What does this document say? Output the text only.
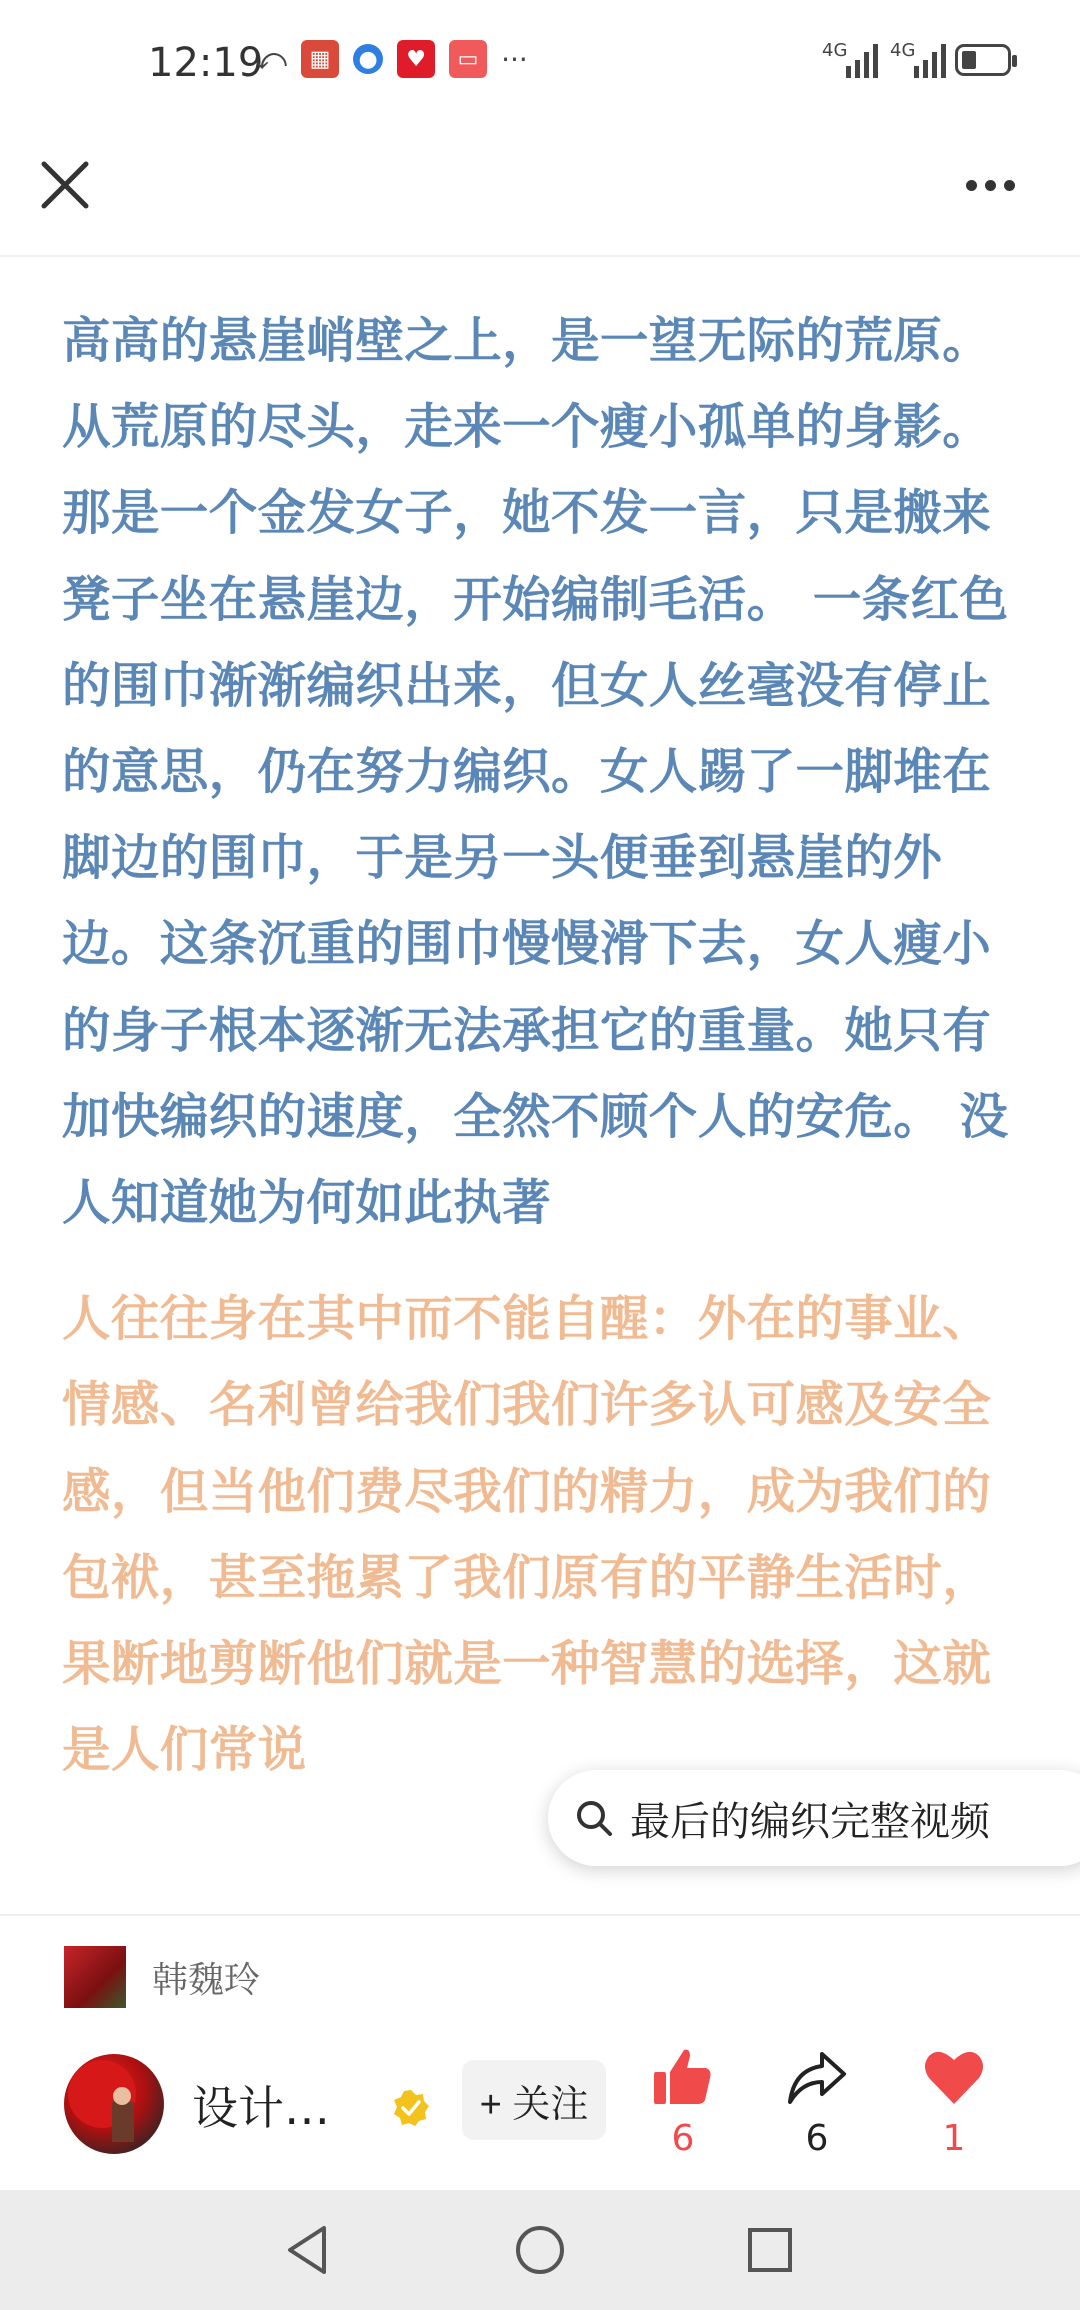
12:19
⤺	▦	●	♥	▭ ···	4G 4G

高高的悬崖峭壁之上，是一望无际的荒原。从荒原的尽头，走来一个瘦小孤单的身影。那是一个金发女子，她不发一言，只是搬来凳子坐在悬崖边，开始编制毛活。 一条红色的围巾渐渐编织出来，但女人丝毫没有停止的意思，仍在努力编织。女人踢了一脚堆在脚边的围巾，于是另一头便垂到悬崖的外边。这条沉重的围巾慢慢滑下去，女人瘦小的身子根本逐渐无法承担它的重量。她只有加快编织的速度，全然不顾个人的安危。 没人知道她为何如此执著

人往往身在其中而不能自醒：外在的事业、情感、名利曾给我们我们许多认可感及安全感，但当他们费尽我们的精力，成为我们的包袱，甚至拖累了我们原有的平静生活时，果断地剪断他们就是一种智慧的选择，这就是人们常说

最后的编织完整视频
韩魏玲
设计…	+ 关注
6	6	1
